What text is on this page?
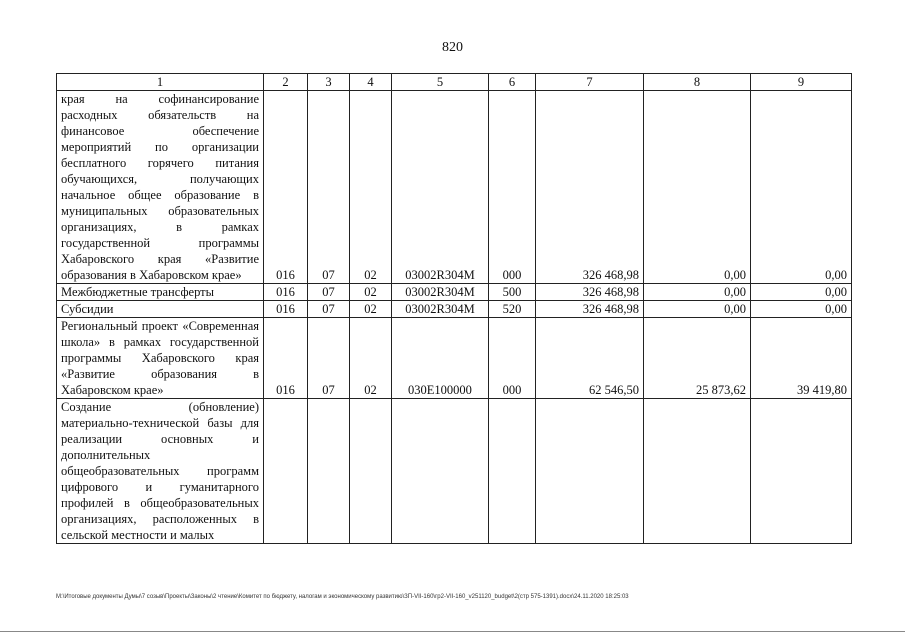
820
1	2	3	4	5	6	7	8	9
края на софинансирование расходных обязательств на финансовое обеспечение мероприятий по организации бесплатного горячего питания обучающихся, получающих начальное общее образование в муниципальных образовательных организациях, в рамках государственной программы Хабаровского края «Развитие образования в Хабаровском крае»	016	07	02	03002R304M	000	326 468,98	0,00	0,00
Межбюджетные трансферты	016	07	02	03002R304M	500	326 468,98	0,00	0,00
Субсидии	016	07	02	03002R304M	520	326 468,98	0,00	0,00
Региональный проект «Современная школа» в рамках государственной программы Хабаровского края «Развитие образования в Хабаровском крае»	016	07	02	030E100000	000	62 546,50	25 873,62	39 419,80
Создание (обновление) материально-технической базы для реализации основных и дополнительных общеобразовательных программ цифрового и гуманитарного профилей в общеобразовательных организациях, расположенных в сельской местности и малых								
M:\Итоговые документы Думы\7 созыв\Проекты\Законы\2 чтение\Комитет по бюджету, налогам и экономическому развитию\ЗП-VII-160\гр2-VII-160_v251120_budget\2(стр 575-1391).docx\24.11.2020 18:25:03
